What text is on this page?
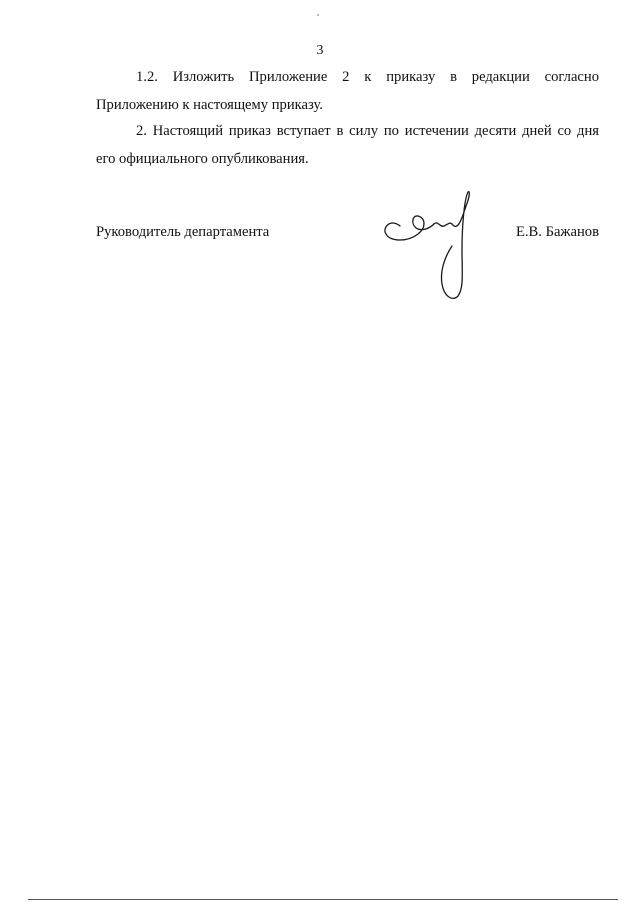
3

1.2. Изложить Приложение 2 к приказу в редакции согласно
Приложению к настоящему приказу.

2. Настоящий приказ вступает в силу по истечении десяти дней со дня
его официального опубликования.

Руководитель департамента	Е.В. Бажанов
